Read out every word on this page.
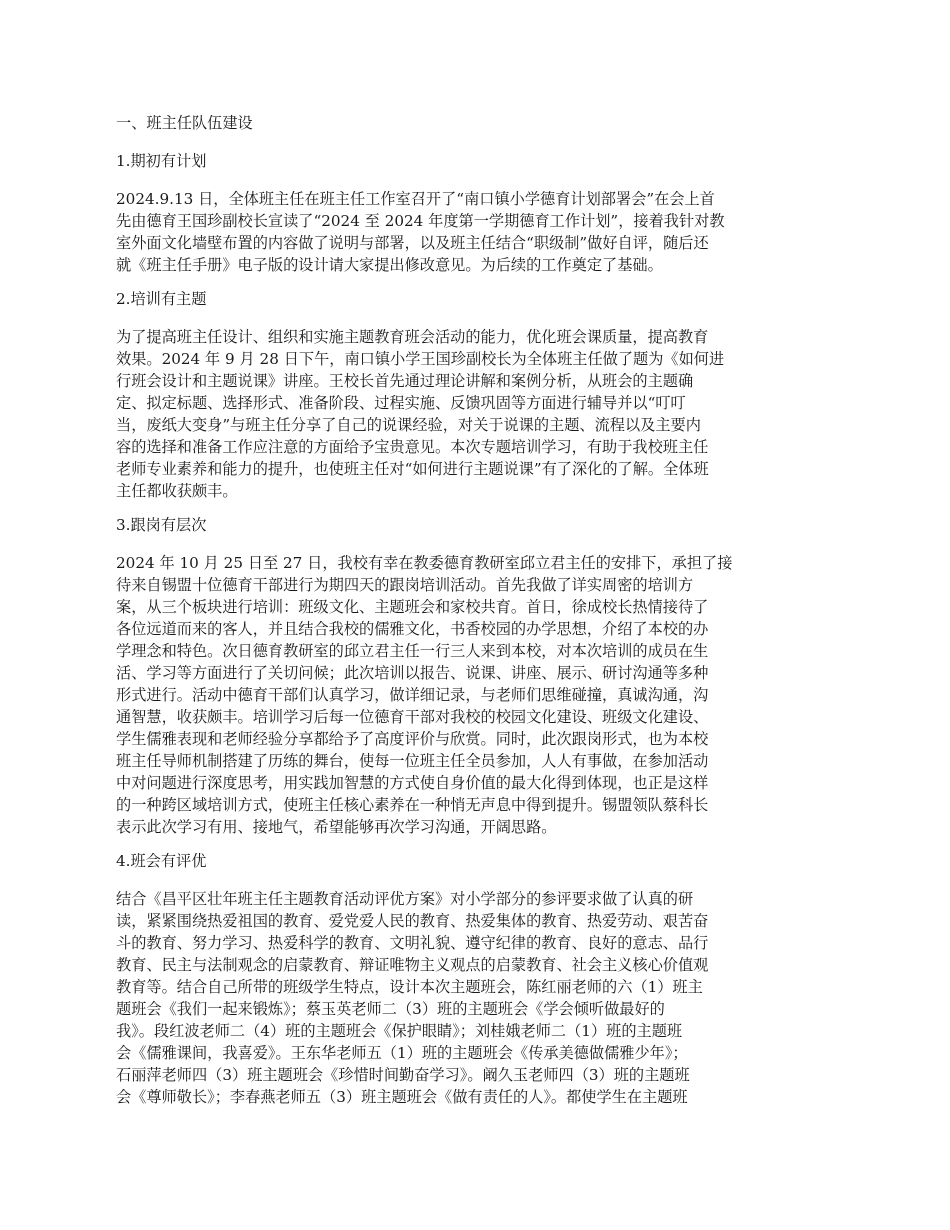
一、班主任队伍建设
1.期初有计划
2024.9.13 日，全体班主任在班主任工作室召开了“南口镇小学德育计划部署会”在会上首
先由德育王国珍副校长宣读了“2024 至 2024 年度第一学期德育工作计划”，接着我针对教
室外面文化墙壁布置的内容做了说明与部署，以及班主任结合“职级制”做好自评，随后还
就《班主任手册》电子版的设计请大家提出修改意见。为后续的工作奠定了基础。
2.培训有主题
为了提高班主任设计、组织和实施主题教育班会活动的能力，优化班会课质量，提高教育
效果。2024 年 9 月 28 日下午，南口镇小学王国珍副校长为全体班主任做了题为《如何进
行班会设计和主题说课》讲座。王校长首先通过理论讲解和案例分析，从班会的主题确
定、拟定标题、选择形式、准备阶段、过程实施、反馈巩固等方面进行辅导并以“叮叮
当，废纸大变身”与班主任分享了自己的说课经验，对关于说课的主题、流程以及主要内
容的选择和准备工作应注意的方面给予宝贵意见。本次专题培训学习，有助于我校班主任
老师专业素养和能力的提升，也使班主任对“如何进行主题说课”有了深化的了解。全体班
主任都收获颇丰。
3.跟岗有层次
2024 年 10 月 25 日至 27 日，我校有幸在教委德育教研室邱立君主任的安排下，承担了接
待来自锡盟十位德育干部进行为期四天的跟岗培训活动。首先我做了详实周密的培训方
案，从三个板块进行培训：班级文化、主题班会和家校共育。首日，徐成校长热情接待了
各位远道而来的客人，并且结合我校的儒雅文化，书香校园的办学思想，介绍了本校的办
学理念和特色。次日德育教研室的邱立君主任一行三人来到本校，对本次培训的成员在生
活、学习等方面进行了关切问候；此次培训以报告、说课、讲座、展示、研讨沟通等多种
形式进行。活动中德育干部们认真学习，做详细记录，与老师们思维碰撞，真诚沟通，沟
通智慧，收获颇丰。培训学习后每一位德育干部对我校的校园文化建设、班级文化建设、
学生儒雅表现和老师经验分享都给予了高度评价与欣赏。同时，此次跟岗形式，也为本校
班主任导师机制搭建了历练的舞台，使每一位班主任全员参加，人人有事做，在参加活动
中对问题进行深度思考，用实践加智慧的方式使自身价值的最大化得到体现，也正是这样
的一种跨区域培训方式，使班主任核心素养在一种悄无声息中得到提升。锡盟领队蔡科长
表示此次学习有用、接地气，希望能够再次学习沟通，开阔思路。
4.班会有评优
结合《昌平区壮年班主任主题教育活动评优方案》对小学部分的参评要求做了认真的研
读，紧紧围绕热爱祖国的教育、爱党爱人民的教育、热爱集体的教育、热爱劳动、艰苦奋
斗的教育、努力学习、热爱科学的教育、文明礼貌、遵守纪律的教育、良好的意志、品行
教育、民主与法制观念的启蒙教育、辩证唯物主义观点的启蒙教育、社会主义核心价值观
教育等。结合自己所带的班级学生特点，设计本次主题班会，陈红丽老师的六（1）班主
题班会《我们一起来锻炼》；蔡玉英老师二（3）班的主题班会《学会倾听做最好的
我》。段红波老师二（4）班的主题班会《保护眼睛》；刘桂娥老师二（1）班的主题班
会《儒雅课间，我喜爱》。王东华老师五（1）班的主题班会《传承美德做儒雅少年》；
石丽萍老师四（3）班主题班会《珍惜时间勤奋学习》。阚久玉老师四（3）班的主题班
会《尊师敬长》；李春燕老师五（3）班主题班会《做有责任的人》。都使学生在主题班
